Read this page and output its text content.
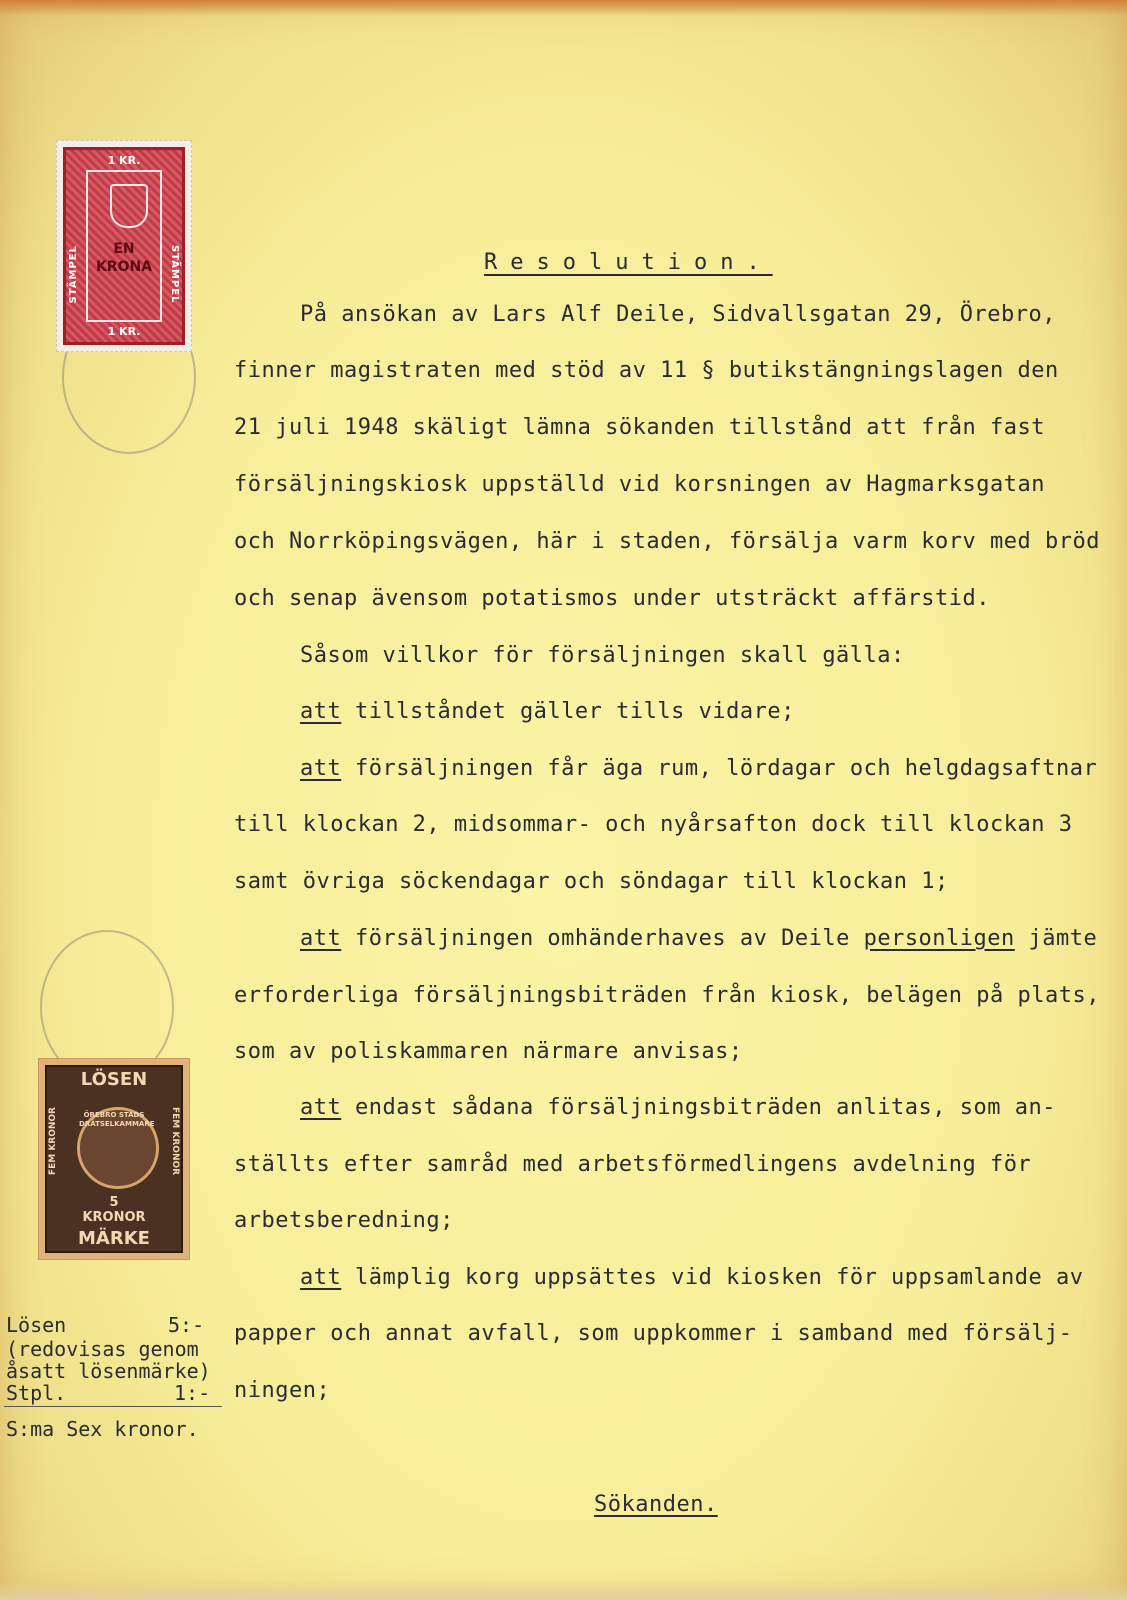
1 KR.
STÄMPEL	STÄMPEL
EN
KRONA
1 KR.
LÖSEN
ÖREBRO STADS DRÄTSELKAMMARE
FEM KRONOR	FEM KRONOR
5
KRONOR
MÄRKE
Resolution.
På ansökan av Lars Alf Deile, Sidvallsgatan 29, Örebro,
finner magistraten med stöd av 11 § butikstängningslagen den
21 juli 1948 skäligt lämna sökanden tillstånd att från fast
försäljningskiosk uppställd vid korsningen av Hagmarksgatan
och Norrköpingsvägen, här i staden, försälja varm korv med bröd
och senap ävensom potatismos under utsträckt affärstid.
Såsom villkor för försäljningen skall gälla:
att tillståndet gäller tills vidare;
att försäljningen får äga rum, lördagar och helgdagsaftnar
till klockan 2, midsommar- och nyårsafton dock till klockan 3
samt övriga söckendagar och söndagar till klockan 1;
att försäljningen omhänderhaves av Deile personligen jämte
erforderliga försäljningsbiträden från kiosk, belägen på plats,
som av poliskammaren närmare anvisas;
att endast sådana försäljningsbiträden anlitas, som an-
ställts efter samråd med arbetsförmedlingens avdelning för
arbetsberedning;
att lämplig korg uppsättes vid kiosken för uppsamlande av
papper och annat avfall, som uppkommer i samband med försälj-
ningen;
Sökanden.
Lösen	5:-
(redovisas genom
åsatt lösenmärke)
Stpl.	1:-
S:ma Sex kronor.
